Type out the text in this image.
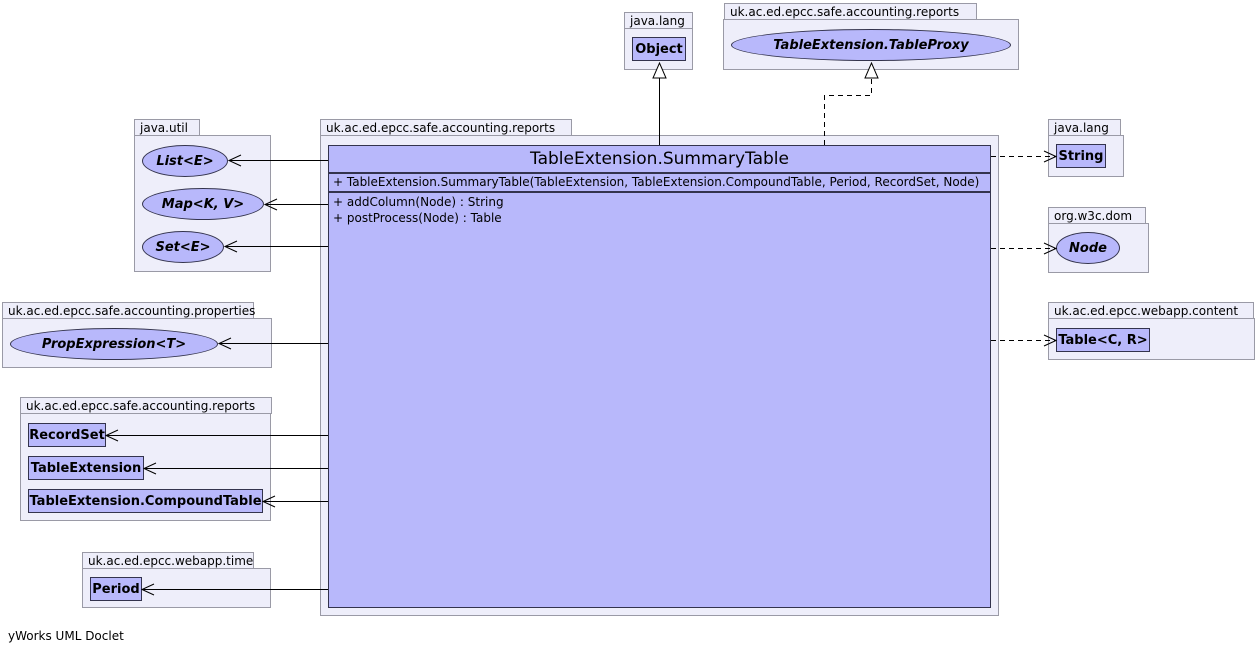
java.lang
Object
uk.ac.ed.epcc.safe.accounting.reports
TableExtension.TableProxy
java.util
List<E>
Map<K, V>
Set<E>
uk.ac.ed.epcc.safe.accounting.reports	java.lang
String
org.w3c.dom
Node
uk.ac.ed.epcc.safe.accounting.properties
PropExpression<T>
uk.ac.ed.epcc.webapp.content
Table<C, R>
uk.ac.ed.epcc.safe.accounting.reports
RecordSet
TableExtension
TableExtension.CompoundTable
uk.ac.ed.epcc.webapp.time
Period
TableExtension.SummaryTable
+ TableExtension.SummaryTable(TableExtension, TableExtension.CompoundTable, Period, RecordSet, Node)
+ addColumn(Node) : String
+ postProcess(Node) : Table
yWorks UML Doclet
